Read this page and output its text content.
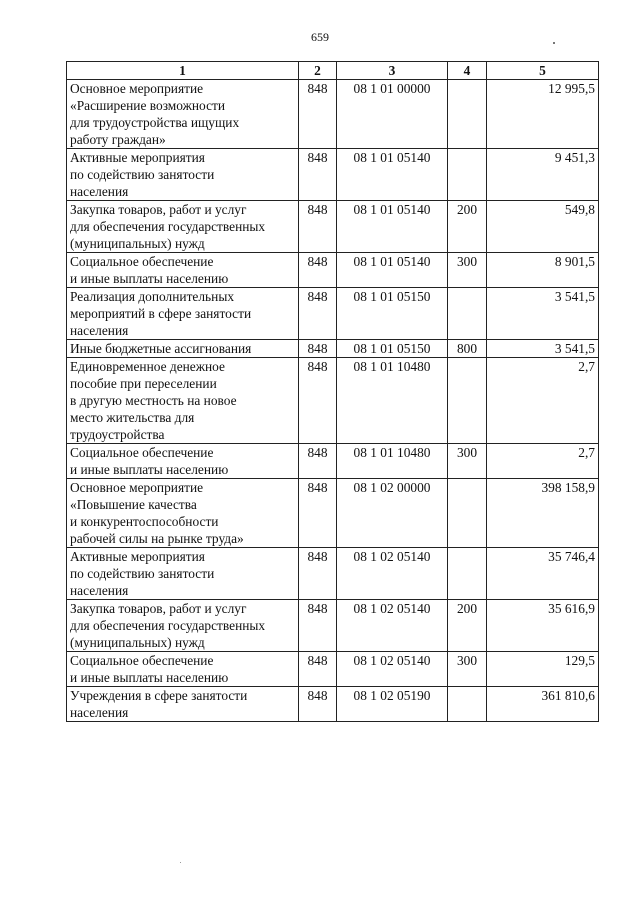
659
1	2	3	4	5

Основное мероприятие
«Расширение возможности
для трудоустройства ищущих
работу граждан»	848	08 1 01 00000		12 995,5

Активные мероприятия
по содействию занятости
населения	848	08 1 01 05140		9 451,3

Закупка товаров, работ и услуг
для обеспечения государственных
(муниципальных) нужд	848	08 1 01 05140	200	549,8

Социальное обеспечение
и иные выплаты населению	848	08 1 01 05140	300	8 901,5

Реализация дополнительных
мероприятий в сфере занятости
населения	848	08 1 01 05150		3 541,5

Иные бюджетные ассигнования	848	08 1 01 05150	800	3 541,5

Единовременное денежное
пособие при переселении
в другую местность на новое
место жительства для
трудоустройства	848	08 1 01 10480		2,7

Социальное обеспечение
и иные выплаты населению	848	08 1 01 10480	300	2,7

Основное мероприятие
«Повышение качества
и конкурентоспособности
рабочей силы на рынке труда»	848	08 1 02 00000		398 158,9

Активные мероприятия
по содействию занятости
населения	848	08 1 02 05140		35 746,4

Закупка товаров, работ и услуг
для обеспечения государственных
(муниципальных) нужд	848	08 1 02 05140	200	35 616,9

Социальное обеспечение
и иные выплаты населению	848	08 1 02 05140	300	129,5

Учреждения в сфере занятости
населения	848	08 1 02 05190		361 810,6
